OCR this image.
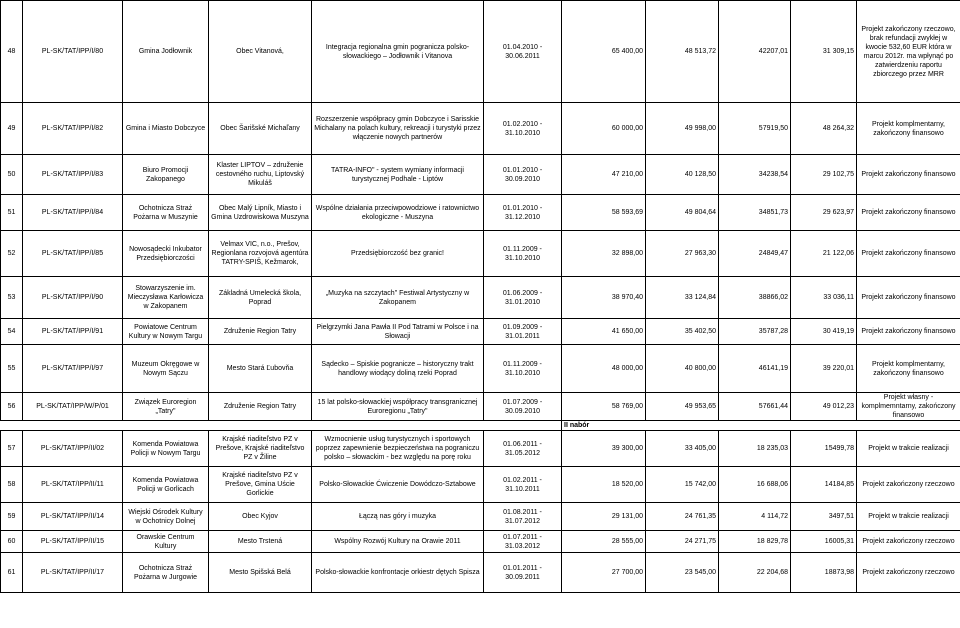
48	PL-SK/TAT/IPP/I/80	Gmina Jodłownik	Obec Vitanová,	Integracja regionalna gmin pogranicza polsko-słowackiego – Jodłownik i Vitanova	01.04.2010 - 30.06.2011	65 400,00	48 513,72	42207,01	31 309,15	Projekt zakończony rzeczowo, brak refundacji zwykłej w kwocie 532,60 EUR która w marcu 2012r. ma wpłynąć po zatwierdzeniu raportu zbiorczego przez MRR
49	PL-SK/TAT/IPP/I/82	Gmina i Miasto Dobczyce	Obec Šarišské Michaľany	Rozszerzenie współpracy gmin Dobczyce i Sarisskie Michalany na polach kultury, rekreacji i turystyki przez włączenie nowych partnerów	01.02.2010 - 31.10.2010	60 000,00	49 998,00	57919,50	48 264,32	Projekt komplmentarny, zakończony finansowo
50	PL-SK/TAT/IPP/I/83	Biuro Promocji Zakopanego	Klaster LIPTOV – združenie cestovného ruchu, Liptovský Mikuláš	TATRA-INFO" - system wymiany informacji turystycznej Podhale - Liptów	01.01.2010 - 30.09.2010	47 210,00	40 128,50	34238,54	29 102,75	Projekt zakończony finansowo
51	PL-SK/TAT/IPP/I/84	Ochotnicza Straż Pożarna w Muszynie	Obec Malý Lipník, Miasto i Gmina Uzdrowiskowa Muszyna	Wspólne działania przeciwpowodziowe i ratownictwo ekologiczne - Muszyna	01.01.2010 - 31.12.2010	58 593,69	49 804,64	34851,73	29 623,97	Projekt zakończony finansowo
52	PL-SK/TAT/IPP/I/85	Nowosądecki Inkubator Przedsiębiorczości	Velmax VIC, n.o., Prešov, Regionlana rozvojová agentúra TATRY-SPIŠ, Kežmarok,	Przedsiębiorczość bez granic!	01.11.2009 - 31.10.2010	32 898,00	27 963,30	24849,47	21 122,06	Projekt zakończony finansowo
53	PL-SK/TAT/IPP/I/90	Stowarzyszenie im. Mieczysława Karłowicza w Zakopanem	Základná Umelecká škola, Poprad	„Muzyka na szczytach" Festiwal Artystyczny w Zakopanem	01.06.2009 - 31.01.2010	38 970,40	33 124,84	38866,02	33 036,11	Projekt zakończony finansowo
54	PL-SK/TAT/IPP/I/91	Powiatowe Centrum Kultury w Nowym Targu	Združenie Region Tatry	Pielgrzymki Jana Pawła II Pod Tatrami w Polsce i na Słowacji	01.09.2009 - 31.01.2011	41 650,00	35 402,50	35787,28	30 419,19	Projekt zakończony finansowo
55	PL-SK/TAT/IPP/I/97	Muzeum Okręgowe w Nowym Sączu	Mesto Stará Ľubovňa	Sądecko – Spiskie pogranicze – historyczny trakt handlowy wiodący doliną rzeki Poprad	01.11.2009 - 31.10.2010	48 000,00	40 800,00	46141,19	39 220,01	Projekt komplmentarny, zakończony finansowo
56	PL-SK/TAT/IPP/W/P/01	Związek Euroregion „Tatry"	Združenie Region Tatry	15 lat polsko-słowackiej współpracy transgranicznej Euroregionu „Tatry"	01.07.2009 - 30.09.2010	58 769,00	49 953,65	57661,44	49 012,23	Projekt własny - komplmemntarny, zakończony finansowo
						II nabór				
57	PL-SK/TAT/IPP/II/02	Komenda Powiatowa Policji w Nowym Targu	Krajské riaditeľstvo PZ v Prešove, Krajské riaditeľstvo PZ v Žiline	Wzmocnienie usług turystycznych i sportowych poprzez zapewnienie bezpieczeństwa na pograniczu polsko – słowackim - bez względu na porę roku	01.06.2011 - 31.05.2012	39 300,00	33 405,00	18 235,03	15499,78	Projekt w trakcie realizacji
58	PL-SK/TAT/IPP/II/11	Komenda Powiatowa Policji w Gorlicach	Krajské riaditeľstvo PZ v Prešove, Gmina Uście Gorlickie	Polsko-Słowackie Ćwiczenie Dowódczo-Sztabowe	01.02.2011 - 31.10.2011	18 520,00	15 742,00	16 688,06	14184,85	Projekt zakończony rzeczowo
59	PL-SK/TAT/IPP/II/14	Wiejski Ośrodek Kultury w Ochotnicy Dolnej	Obec Kyjov	Łączą nas góry i muzyka	01.08.2011 - 31.07.2012	29 131,00	24 761,35	4 114,72	3497,51	Projekt w trakcie realizacji
60	PL-SK/TAT/IPP/II/15	Orawskie Centrum Kultury	Mesto Trstená	Wspólny Rozwój Kultury na Orawie 2011	01.07.2011 - 31.03.2012	28 555,00	24 271,75	18 829,78	16005,31	Projekt zakończony rzeczowo
61	PL-SK/TAT/IPP/II/17	Ochotnicza Straż Pożarna w Jurgowie	Mesto Spišská Belá	Polsko-słowackie konfrontacje orkiestr dętych Spisza	01.01.2011 - 30.09.2011	27 700,00	23 545,00	22 204,68	18873,98	Projekt zakończony rzeczowo
